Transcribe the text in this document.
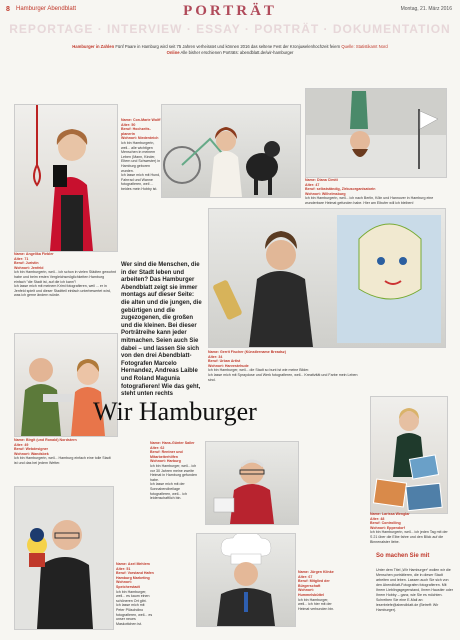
8 Hamburger Abendblatt	PORTRÄT	Montag, 21. März 2016
REPORTAGE · INTERVIEW · ESSAY · PORTRÄT · DOKUMENTATION
Hamburger in Zahlen Fünf Paare in Hamburg wird seit 75 Jahren verheiratet und können 2016 das seltene Fest der Kronjuwelenhochzeit feiern Quelle: Statistikamt Nord
Online Alle bisher erschienen Porträts: abendblatt.de/wir-hamburger
Name: Angelika Fiebler
Alter: 71
Beruf: Juristin
Wohnort: Jenfeld
Ich bin Hamburgerin, weil... ich schon in vielen Städten gewohnt habe und beim ersten Vergleichsmöglichkeiten Hamburg einfach "die Stadt ist, auf die ich kann"!
Ich lasse mich mit meinem Krimi fotografieren, weil ... er in Jenfeld spielt und dieser Stadtteil einfach unterbewertet wird, was ich gerne ändern würde.
Name: Con-Marie Wolff
Alter: 50
Beruf: Hochzeitsplanerin
Wohnort: Niederdeich
Ich bin Hamburgerin, weil... alle wichtigen Menschen in meinem Leben (Mann, Kinder, Eltern und Schwester) in Hamburg geboren wurden.
Ich lasse mich mit Hund, Fahrrad und Wanne fotografieren, weil ... beides mein Hobby ist.
Name: Diana Cimiti
Alter: 47
Beruf: selbstständig, Zirkusorganisatorin
Wohnort: Wilhelmsburg
Ich bin Hamburgerin, weil... ich nach Berlin, Köln und Hannover in Hamburg eine wunderbare Heimat gefunden habe. Hier am Elbufer will ich bleiben!
Wer sind die Menschen, die in der Stadt leben und arbeiten? Das Hamburger Abendblatt zeigt sie immer montags auf dieser Seite: die alten und die jungen, die gebürtigen und die zugezogenen, die großen und die kleinen. Bei dieser Porträtreihe kann jeder mitmachen. Seien auch Sie dabei – und lassen Sie sich von den drei Abendblatt-Fotografen Marcelo Hernandez, Andreas Laible und Roland Magunia fotografieren! Wie das geht, steht unten rechts
Name: Gerrit Fischer (Künstlername Breadsz)
Alter: 34
Beruf: Urban Artist
Wohnort: Harvestehude
Ich bin Hamburger, weil... die Stadt so bunt ist wie meine Bilder.
Ich lasse mich mit Spraydose und Werk fotografieren, weil... Kreativität und Farbe mein Leben sind.
Name: Birgit (und Ronald) Nordstern
Alter: 49
Beruf: Webdesigner
Wohnort: Wandsbek
Ich bin Hamburgerin, weil... Hamburg einfach eine tolle Stadt ist und das bei jedem Wetter.
Wir Hamburger
Name: Hans-Günter Sailer
Alter: 62
Beruf: Rentner und Mitarbeiterhilfen
Wohnort: Harburg
Ich bin Hamburger, weil... ich vor 30 Jahren meine zweite Heimat in Hamburg gefunden habe.
Ich lasse mich mit der Sonnabendbeilage fotografieren, weil... ich leidenschaftlich bin.
Name: Larissa Wenglar
Alter: 48
Beruf: Controlling
Wohnort: Eppendorf
Ich bin Hamburgerin, weil... ich jeden Tag mit der S 21 über die Elbe fahre und den Blick auf die Binnenalster liebe.
Name: Axel Mehlem
Alter: 51
Beruf: Vorstand Hafen Hamburg Marketing
Wohnort: Speicherstadt
Ich bin Hamburger, weil... es kaum einen schöneren Ort gibt.
Ich lasse mich mit Peter Plüschdino fotografieren, weil... es unser neues Maskottchen ist.
Name: Jürgen Klinke
Alter: 67
Beruf: Mitglied der Bürgerschaft
Wohnort: Hummelsbüttel
Ich bin Hamburger, weil... ich hier mit der Heimat verbunden bin.
So machen Sie mit
Unter dem Titel „Wir Hamburger“ wollen wir die Menschen porträtieren, die in dieser Stadt arbeiten und leben. Lassen auch Sie sich von den Abendblatt-Fotografen fotografieren. Mit Ihrem Lieblingsgegenstand, Ihrem Haustier oder Ihrem Hobby – ganz, wie Sie es möchten. Schreiben Sie eine E-Mail an: leserbriefe@abendblatt.de (Betreff: Wir Hamburger).
